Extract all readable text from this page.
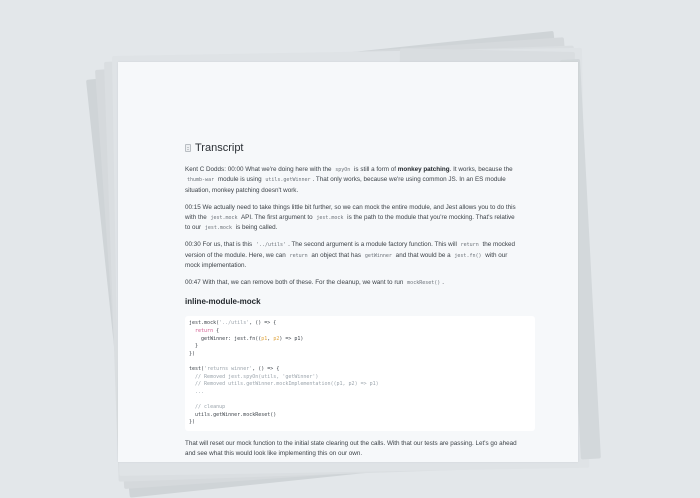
Transcript

Kent C Dodds: 00:00 What we're doing here with the spyOn is still a form of monkey patching. It works, because the thumb-war module is using utils.getWinner . That only works, because we're using common JS. In an ES module situation, monkey patching doesn't work.

00:15 We actually need to take things little bit further, so we can mock the entire module, and Jest allows you to do this with the jest.mock API. The first argument to jest.mock is the path to the module that you're mocking. That's relative to our jest.mock is being called.

00:30 For us, that is this '../utils' . The second argument is a module factory function. This will return the mocked version of the module. Here, we can return an object that has getWinner and that would be a jest.fn() with our mock implementation.

00:47 With that, we can remove both of these. For the cleanup, we want to run mockReset() .

inline-module-mock
jest.mock('../utils', () => {
return {
getWinner: jest.fn((p1, p2) => p1)
}
})
test('returns winner', () => {
// Removed jest.spyOn(utils, 'getWinner')
// Removed utils.getWinner.mockImplementation((p1, p2) => p1)
...
// cleanup
utils.getWinner.mockReset()
})

That will reset our mock function to the initial state clearing out the calls. With that our tests are passing. Let's go ahead and see what this would look like implementing this on our own.
